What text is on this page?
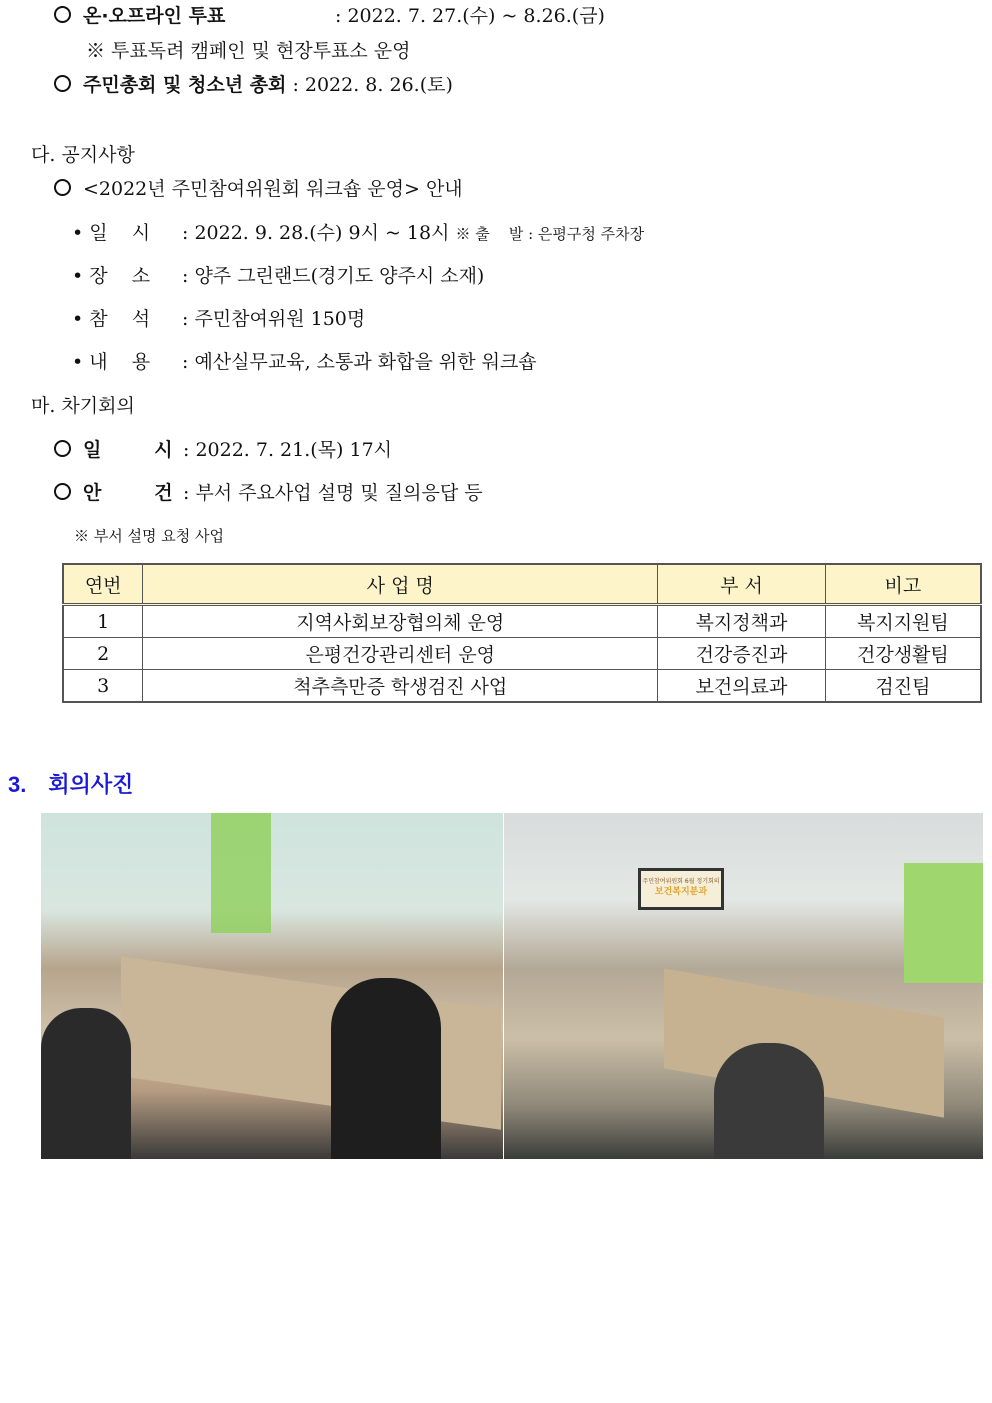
온·오프라인 투표	: 2022. 7. 27.(수) ~ 8.26.(금)
※ 투표독려 캠페인 및 현장투표소 운영
주민총회 및 청소년 총회 : 2022. 8. 26.(토)
다. 공지사항
<2022년 주민참여위원회 워크숍 운영> 안내
• 일    시 : 2022. 9. 28.(수) 9시 ~ 18시 ※ 출    발 : 은평구청 주차장
• 장    소 : 양주 그린랜드(경기도 양주시 소재)
• 참    석 : 주민참여위원 150명
• 내    용 : 예산실무교육, 소통과 화합을 위한 워크숍
마. 차기회의
일        시 : 2022. 7. 21.(목) 17시
안        건 : 부서 주요사업 설명 및 질의응답 등
※ 부서 설명 요청 사업
연번	사 업 명	부 서	비고
1	지역사회보장협의체 운영	복지정책과	복지지원팀
2	은평건강관리센터 운영	건강증진과	건강생활팀
3	척추측만증 학생검진 사업	보건의료과	검진팀
3. 회의사진
주민참여위원회 6월 정기회의
보건복지분과
